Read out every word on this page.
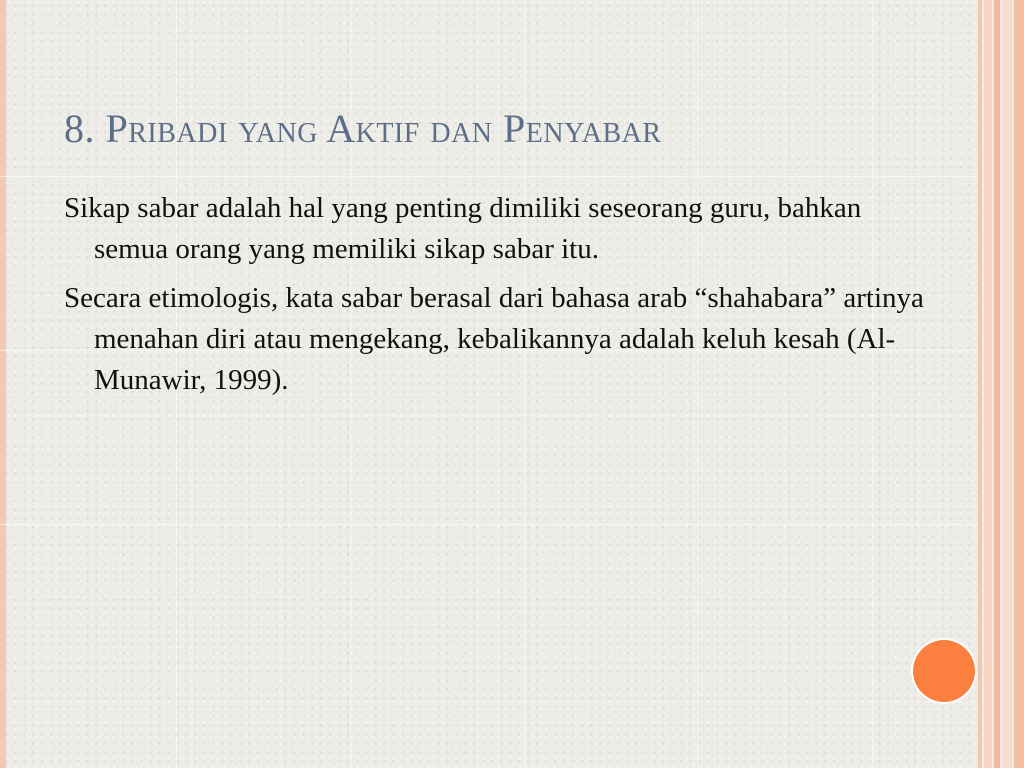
8. Pribadi yang Aktif dan Penyabar

Sikap sabar adalah hal yang penting dimiliki seseorang guru, bahkan semua orang yang memiliki sikap sabar itu.

Secara etimologis, kata sabar berasal dari bahasa arab “shahabara” artinya menahan diri atau mengekang, kebalikannya adalah keluh kesah (Al-Munawir, 1999).
